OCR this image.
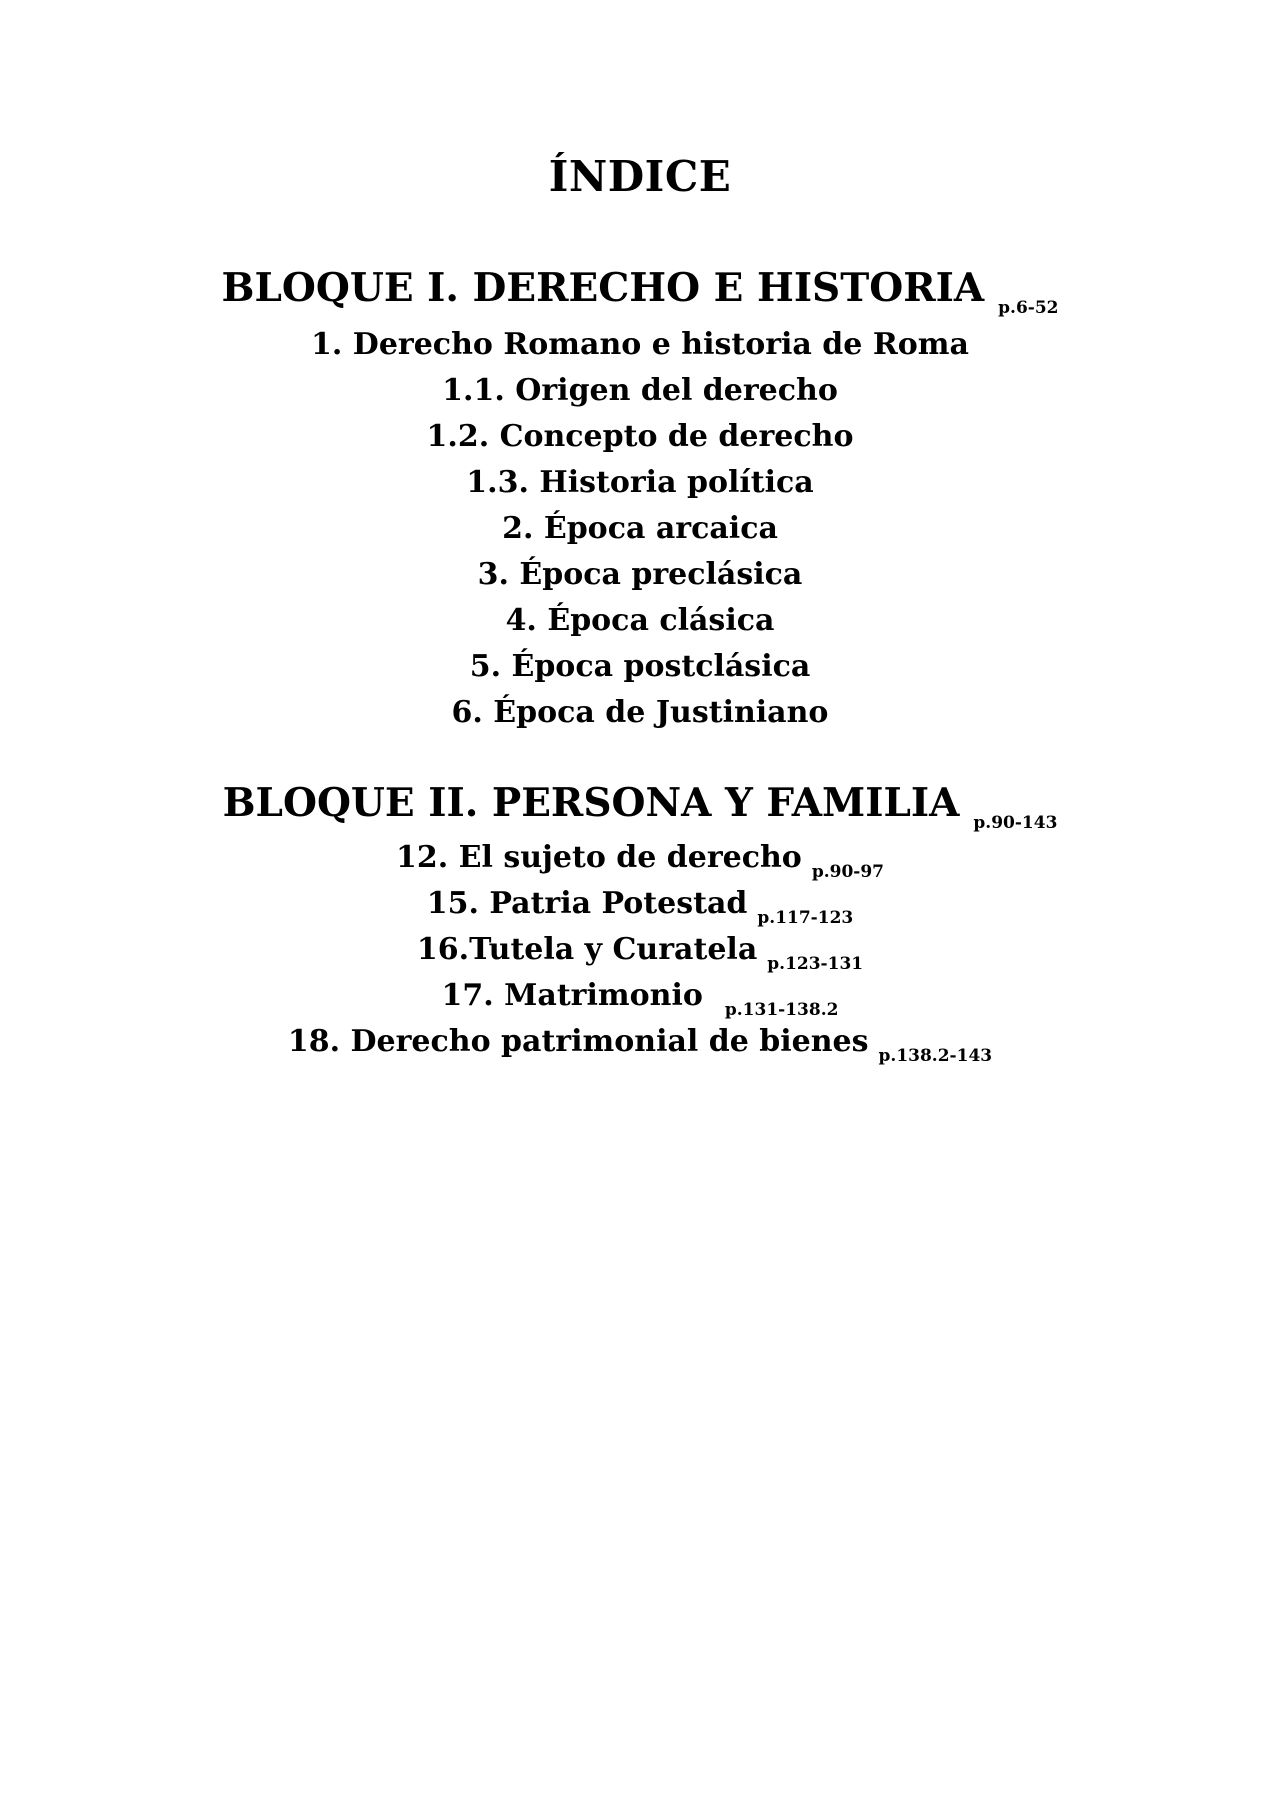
ÍNDICE
BLOQUE I. DERECHO E HISTORIA $_{p.6-52}$
1. Derecho Romano e historia de Roma
1.1. Origen del derecho
1.2. Concepto de derecho
1.3. Historia política
2. Época arcaica
3. Época preclásica
4. Época clásica
5. Época postclásica
6. Época de Justiniano
BLOQUE II. PERSONA Y FAMILIA $_{p.90-143}$
12. El sujeto de derecho $_{p.90-97}$
15. Patria Potestad $_{p.117-123}$
16.Tutela y Curatela $_{p.123-131}$
17. Matrimonio $_{p.131-138.2}$
18. Derecho patrimonial de bienes $_{p.138.2-143}$
